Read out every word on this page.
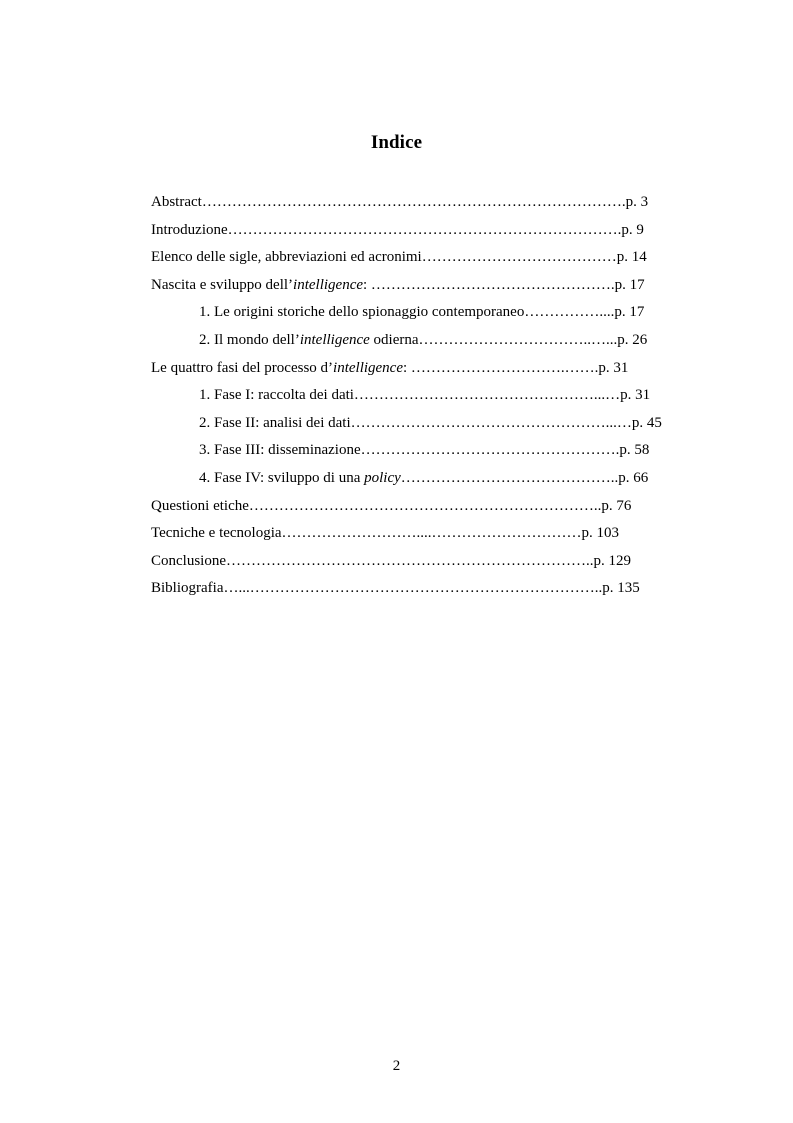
Indice
Abstract………………………………………………………………………….p. 3
Introduzione…………………………………………………………………….p. 9
Elenco delle sigle, abbreviazioni ed acronimi…………………………………p. 14
Nascita e sviluppo dell’intelligence: ………………………………………….p. 17
1. Le origini storiche dello spionaggio contemporaneo……………....p. 17
2. Il mondo dell’intelligence odierna……………………………..…...p. 26
Le quattro fasi del processo d’intelligence: ………………………….…….p. 31
1. Fase I: raccolta dei dati…………………………………………...…p. 31
2. Fase II: analisi dei dati……………………………………………...…p. 45
3. Fase III: disseminazione…………………………………………….p. 58
4. Fase IV: sviluppo di una policy……………………………………..p. 66
Questioni etiche……………………………………………………………..p. 76
Tecniche e tecnologia………………………....…………………………p. 103
Conclusione………………………………………………………………..p. 129
Bibliografia…...……………………………………………………………..p. 135
2
